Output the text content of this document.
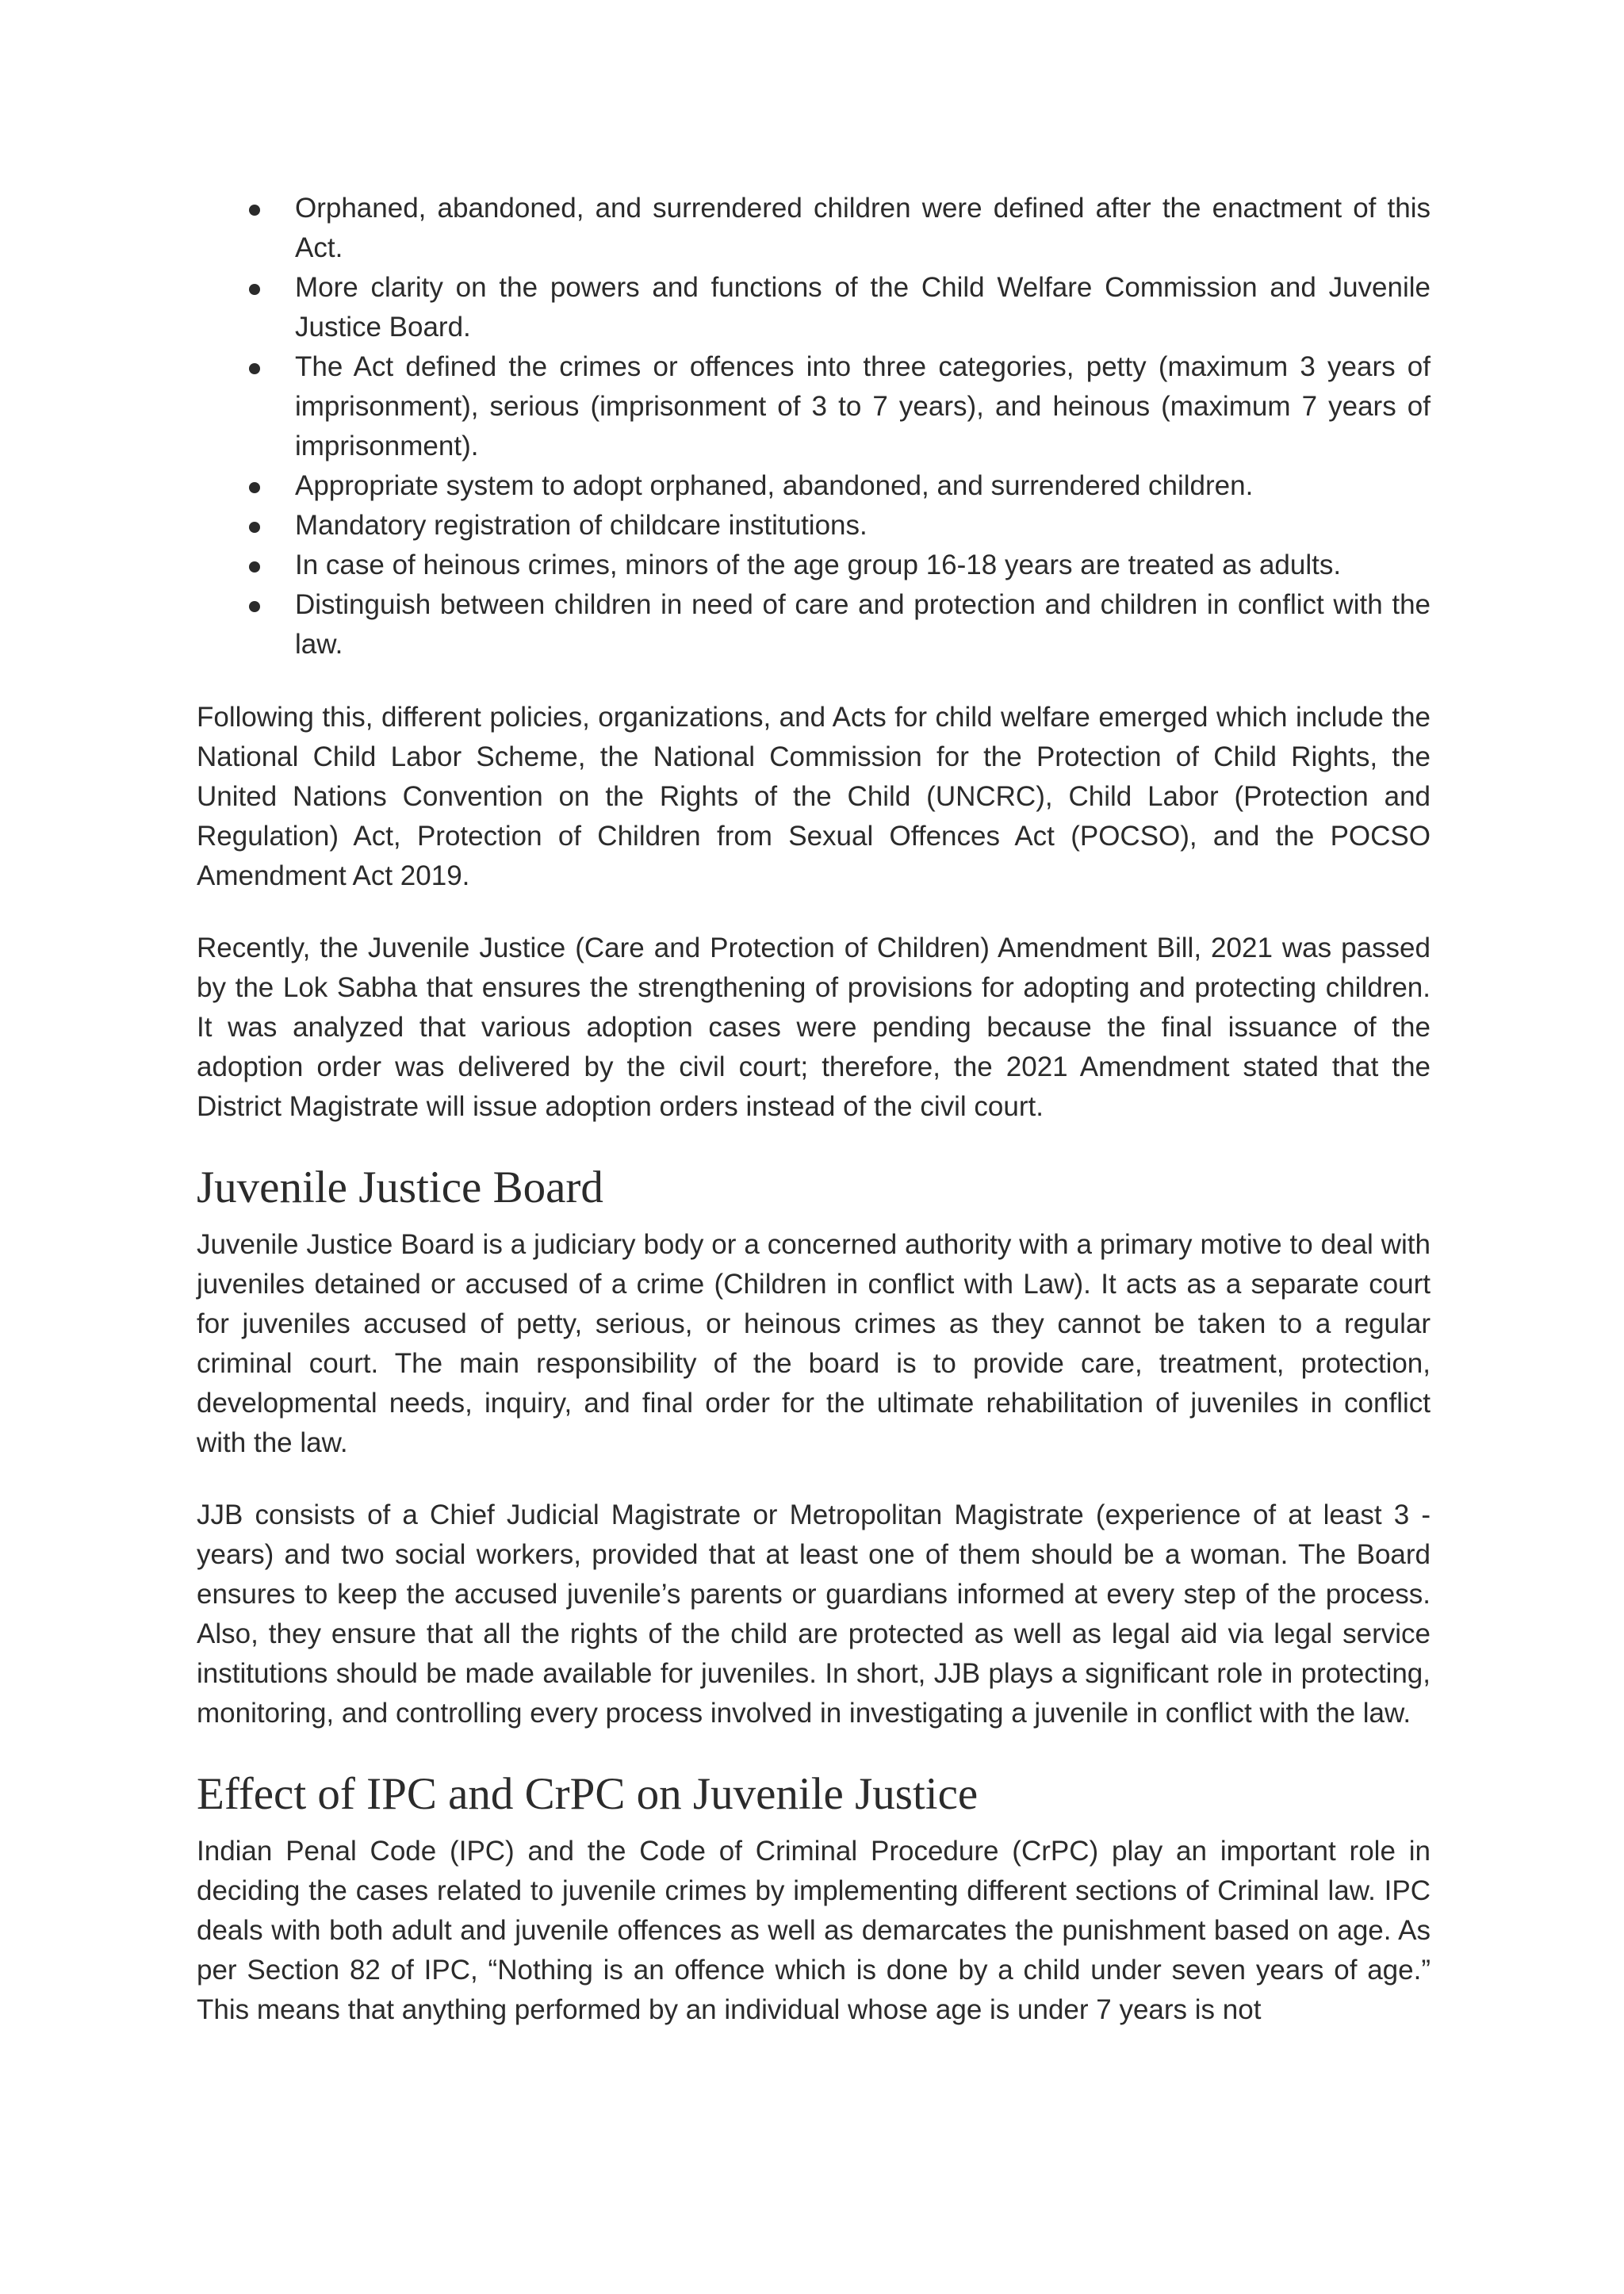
Orphaned, abandoned, and surrendered children were defined after the enactment of this Act.
More clarity on the powers and functions of the Child Welfare Commission and Juvenile Justice Board.
The Act defined the crimes or offences into three categories, petty (maximum 3 years of imprisonment), serious (imprisonment of 3 to 7 years), and heinous (maximum 7 years of imprisonment).
Appropriate system to adopt orphaned, abandoned, and surrendered children.
Mandatory registration of childcare institutions.
In case of heinous crimes, minors of the age group 16-18 years are treated as adults.
Distinguish between children in need of care and protection and children in conflict with the law.

Following this, different policies, organizations, and Acts for child welfare emerged which include the National Child Labor Scheme, the National Commission for the Protection of Child Rights, the United Nations Convention on the Rights of the Child (UNCRC), Child Labor (Protection and Regulation) Act, Protection of Children from Sexual Offences Act (POCSO), and the POCSO Amendment Act 2019.

Recently, the Juvenile Justice (Care and Protection of Children) Amendment Bill, 2021 was passed by the Lok Sabha that ensures the strengthening of provisions for adopting and protecting children. It was analyzed that various adoption cases were pending because the final issuance of the adoption order was delivered by the civil court; therefore, the 2021 Amendment stated that the District Magistrate will issue adoption orders instead of the civil court.

Juvenile Justice Board

Juvenile Justice Board is a judiciary body or a concerned authority with a primary motive to deal with juveniles detained or accused of a crime (Children in conflict with Law). It acts as a separate court for juveniles accused of petty, serious, or heinous crimes as they cannot be taken to a regular criminal court. The main responsibility of the board is to provide care, treatment, protection, developmental needs, inquiry, and final order for the ultimate rehabilitation of juveniles in conflict with the law.

JJB consists of a Chief Judicial Magistrate or Metropolitan Magistrate (experience of at least 3 -years) and two social workers, provided that at least one of them should be a woman. The Board ensures to keep the accused juvenile’s parents or guardians informed at every step of the process. Also, they ensure that all the rights of the child are protected as well as legal aid via legal service institutions should be made available for juveniles. In short, JJB plays a significant role in protecting, monitoring, and controlling every process involved in investigating a juvenile in conflict with the law.

Effect of IPC and CrPC on Juvenile Justice

Indian Penal Code (IPC) and the Code of Criminal Procedure (CrPC) play an important role in deciding the cases related to juvenile crimes by implementing different sections of Criminal law. IPC deals with both adult and juvenile offences as well as demarcates the punishment based on age. As per Section 82 of IPC, “Nothing is an offence which is done by a child under seven years of age.” This means that anything performed by an individual whose age is under 7 years is not
